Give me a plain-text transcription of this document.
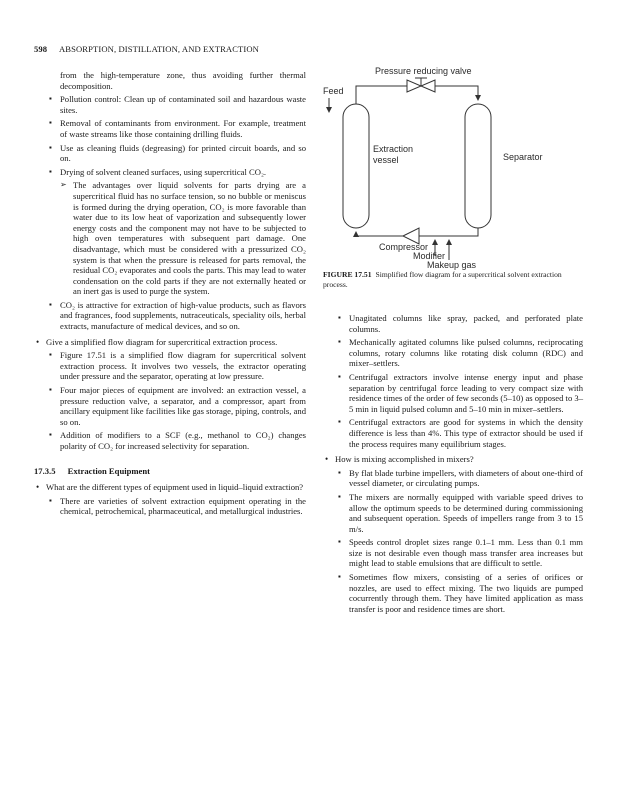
598 ABSORPTION, DISTILLATION, AND EXTRACTION

from the high-temperature zone, thus avoiding further thermal decomposition.

▪ Pollution control: Clean up of contaminated soil and hazardous waste sites.

▪ Removal of contaminants from environment. For example, treatment of waste streams like those containing drilling fluids.

▪ Use as cleaning fluids (degreasing) for printed circuit boards, and so on.

▪ Drying of solvent cleaned surfaces, using supercritical CO₂.

➢ The advantages over liquid solvents for parts drying are a supercritical fluid has no surface tension, so no bubble or meniscus is formed during the drying operation, CO₂ is more favorable than water due to its low heat of vaporization and subsequently lower energy costs and the component may not have to be subjected to high oven temperatures with subsequent part damage. One disadvantage, which must be considered with a pressurized CO₂ system is that when the pressure is released for parts removal, the residual CO₂ evaporates and cools the parts. This may lead to water condensation on the cold parts if they are not externally heated or an inert gas is used to purge the system.

▪ CO₂ is attractive for extraction of high-value products, such as flavors and fragrances, food supplements, nutraceuticals, speciality oils, herbal extracts, manufacture of medical devices, and so on.

• Give a simplified flow diagram for supercritical extraction process.

▪ Figure 17.51 is a simplified flow diagram for supercritical solvent extraction process. It involves two vessels, the extractor operating under pressure and the separator, operating at low pressure.

▪ Four major pieces of equipment are involved: an extraction vessel, a pressure reduction valve, a separator, and a compressor, apart from ancillary equipment like facilities like gas storage, piping, controls, and so on.

▪ Addition of modifiers to a SCF (e.g., methanol to CO₂) changes polarity of CO₂ for increased selectivity for separation.

17.3.5 Extraction Equipment

• What are the different types of equipment used in liquid–liquid extraction?

▪ There are varieties of solvent extraction equipment operating in the chemical, petrochemical, pharmaceutical, and metallurgical industries.

Pressure reducing valve
Feed
Extraction
vessel	Separator
Compressor
Modifier
Makeup gas
FIGURE 17.51 Simplified flow diagram for a supercritical solvent extraction process.

▪ Unagitated columns like spray, packed, and perforated plate columns.

▪ Mechanically agitated columns like pulsed columns, reciprocating columns, rotary columns like rotating disk column (RDC) and mixer–settlers.

▪ Centrifugal extractors involve intense energy input and phase separation by centrifugal force leading to very compact size with residence times of the order of few seconds (5–10) as opposed to 3–5 min in liquid pulsed column and 5–10 min in mixer–settlers.

▪ Centrifugal extractors are good for systems in which the density difference is less than 4%. This type of extractor should be used if the process requires many equilibrium stages.

• How is mixing accomplished in mixers?

▪ By flat blade turbine impellers, with diameters of about one-third of vessel diameter, or circulating pumps.

▪ The mixers are normally equipped with variable speed drives to allow the optimum speeds to be determined during commissioning and subsequent operation. Speeds of impellers range from 3 to 15 m/s.

▪ Speeds control droplet sizes range 0.1–1 mm. Less than 0.1 mm size is not desirable even though mass transfer area increases but might lead to stable emulsions that are difficult to settle.

▪ Sometimes flow mixers, consisting of a series of orifices or nozzles, are used to effect mixing. The two liquids are pumped cocurrently through them. They have limited application as mass transfer is poor and residence times are short.
